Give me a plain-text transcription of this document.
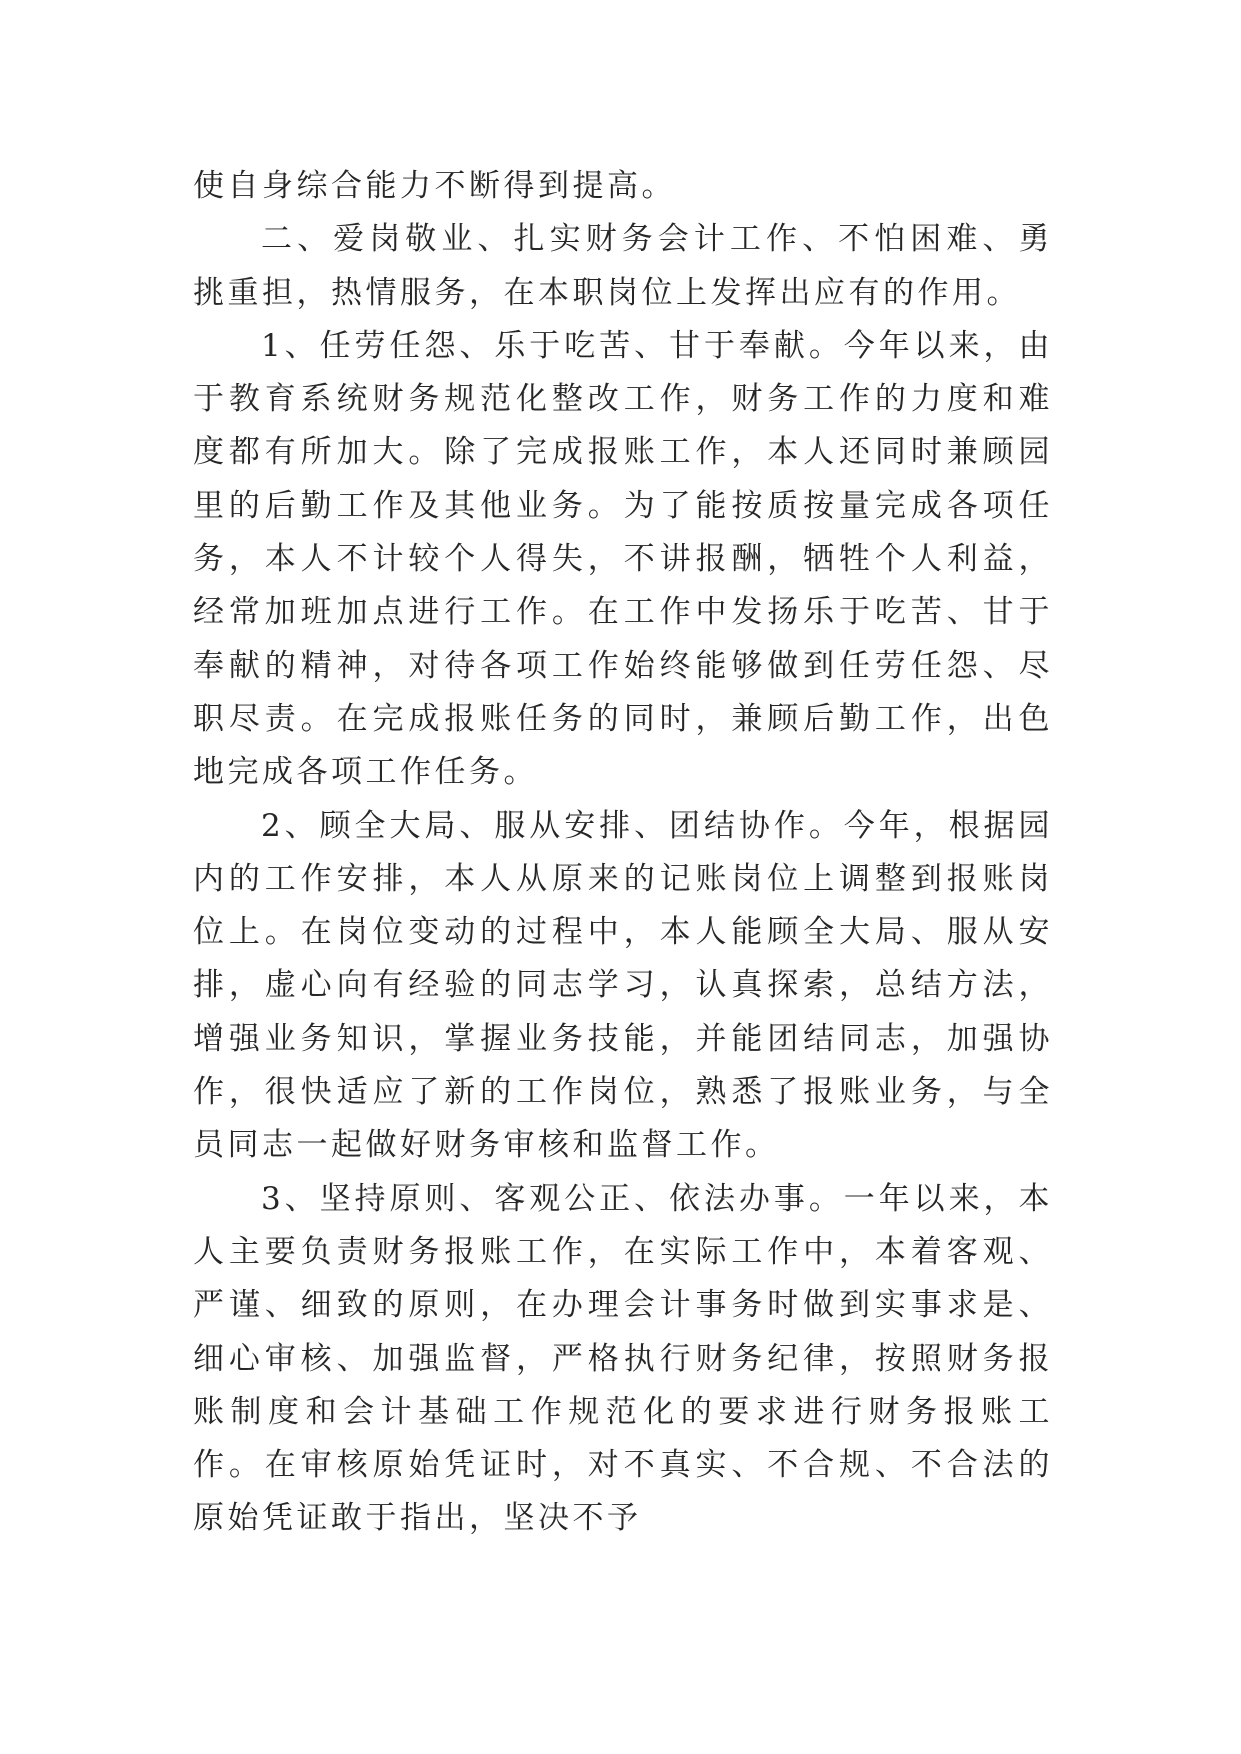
使自身综合能力不断得到提高。

二、爱岗敬业、扎实财务会计工作、不怕困难、勇挑重担，热情服务，在本职岗位上发挥出应有的作用。

1、任劳任怨、乐于吃苦、甘于奉献。今年以来，由于教育系统财务规范化整改工作，财务工作的力度和难度都有所加大。除了完成报账工作，本人还同时兼顾园里的后勤工作及其他业务。为了能按质按量完成各项任务，本人不计较个人得失，不讲报酬，牺牲个人利益，经常加班加点进行工作。在工作中发扬乐于吃苦、甘于奉献的精神，对待各项工作始终能够做到任劳任怨、尽职尽责。在完成报账任务的同时，兼顾后勤工作，出色地完成各项工作任务。

2、顾全大局、服从安排、团结协作。今年，根据园内的工作安排，本人从原来的记账岗位上调整到报账岗位上。在岗位变动的过程中，本人能顾全大局、服从安排，虚心向有经验的同志学习，认真探索，总结方法，增强业务知识，掌握业务技能，并能团结同志，加强协作，很快适应了新的工作岗位，熟悉了报账业务，与全员同志一起做好财务审核和监督工作。

3、坚持原则、客观公正、依法办事。一年以来，本人主要负责财务报账工作，在实际工作中，本着客观、严谨、细致的原则，在办理会计事务时做到实事求是、细心审核、加强监督，严格执行财务纪律，按照财务报账制度和会计基础工作规范化的要求进行财务报账工作。在审核原始凭证时，对不真实、不合规、不合法的原始凭证敢于指出，坚决不予
